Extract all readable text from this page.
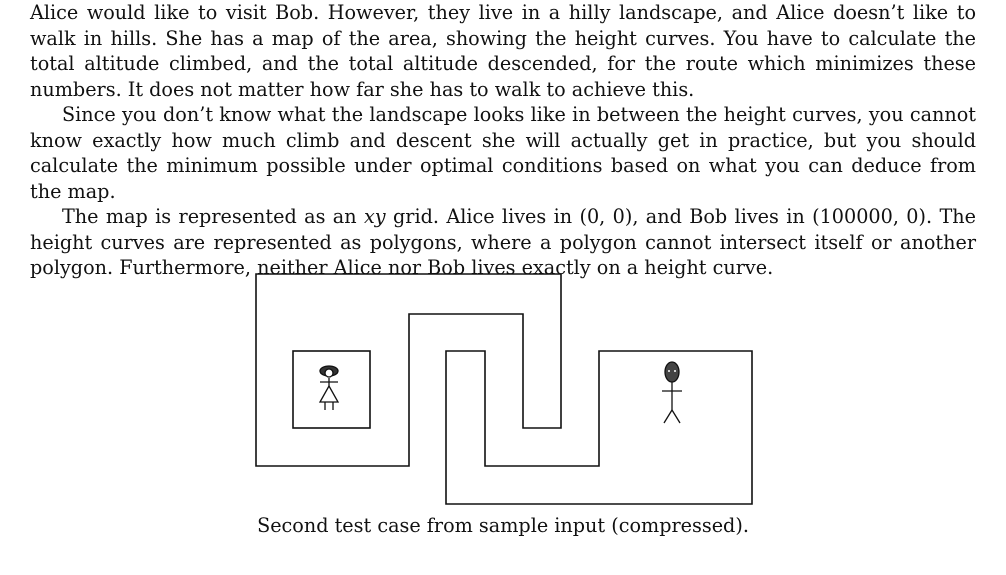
Alice would like to visit Bob. However, they live in a hilly landscape, and Alice doesn’t like to walk in hills. She has a map of the area, showing the height curves. You have to calculate the total altitude climbed, and the total altitude descended, for the route which minimizes these numbers. It does not matter how far she has to walk to achieve this.

Since you don’t know what the landscape looks like in between the height curves, you cannot know exactly how much climb and descent she will actually get in practice, but you should calculate the minimum possible under optimal conditions based on what you can deduce from the map.

The map is represented as an xy grid. Alice lives in (0, 0), and Bob lives in (100000, 0). The height curves are represented as polygons, where a polygon cannot intersect itself or another polygon. Furthermore, neither Alice nor Bob lives exactly on a height curve.

Second test case from sample input (compressed).
